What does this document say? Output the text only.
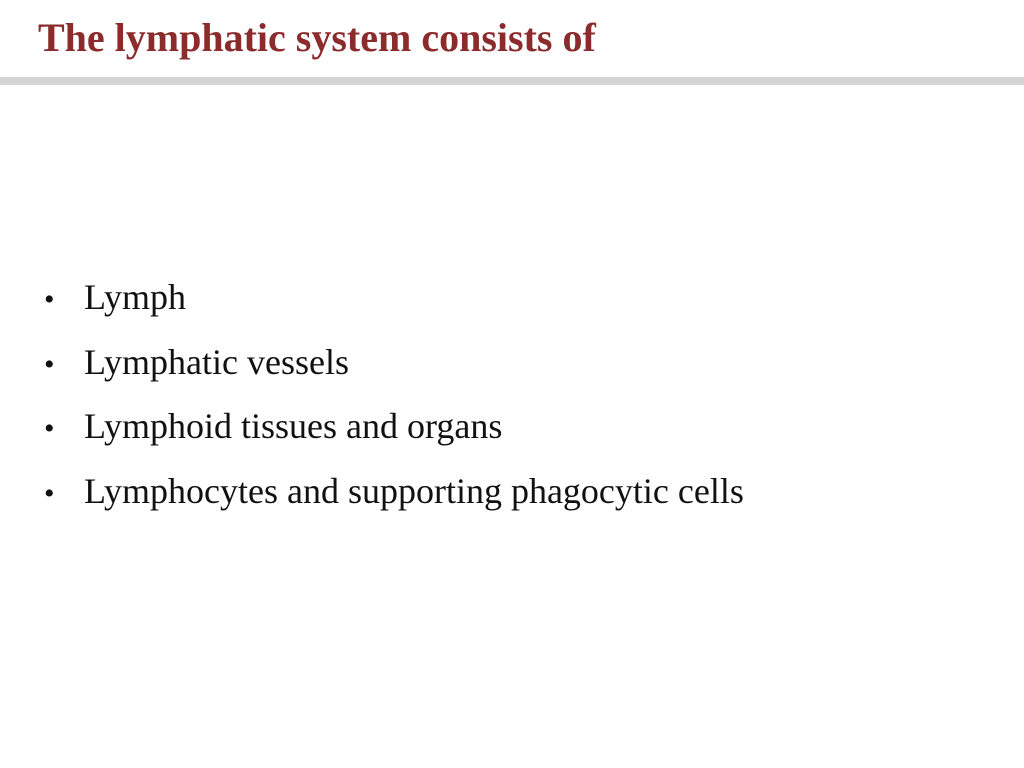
The lymphatic system consists of
• Lymph
• Lymphatic vessels
• Lymphoid tissues and organs
• Lymphocytes and supporting phagocytic cells
